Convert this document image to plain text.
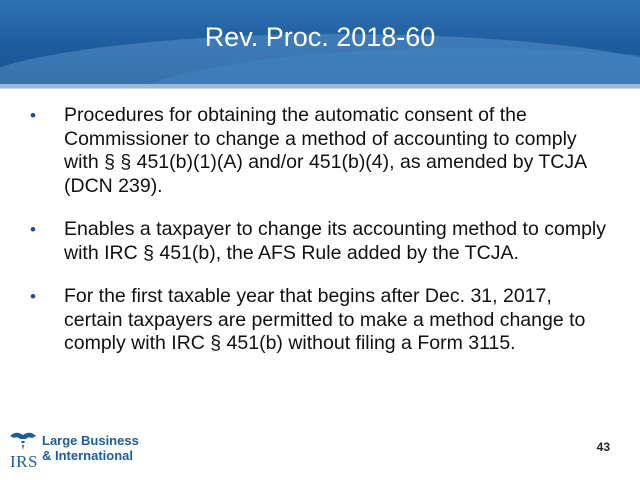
Rev. Proc. 2018-60
• Procedures for obtaining the automatic consent of the Commissioner to change a method of accounting to comply with § § 451(b)(1)(A) and/or 451(b)(4), as amended by TCJA (DCN 239).
• Enables a taxpayer to change its accounting method to comply with IRC § 451(b), the AFS Rule added by the TCJA.
• For the first taxable year that begins after Dec. 31, 2017, certain taxpayers are permitted to make a method change to comply with IRC § 451(b) without filing a Form 3115.
IRS
Large Business
& International
43
